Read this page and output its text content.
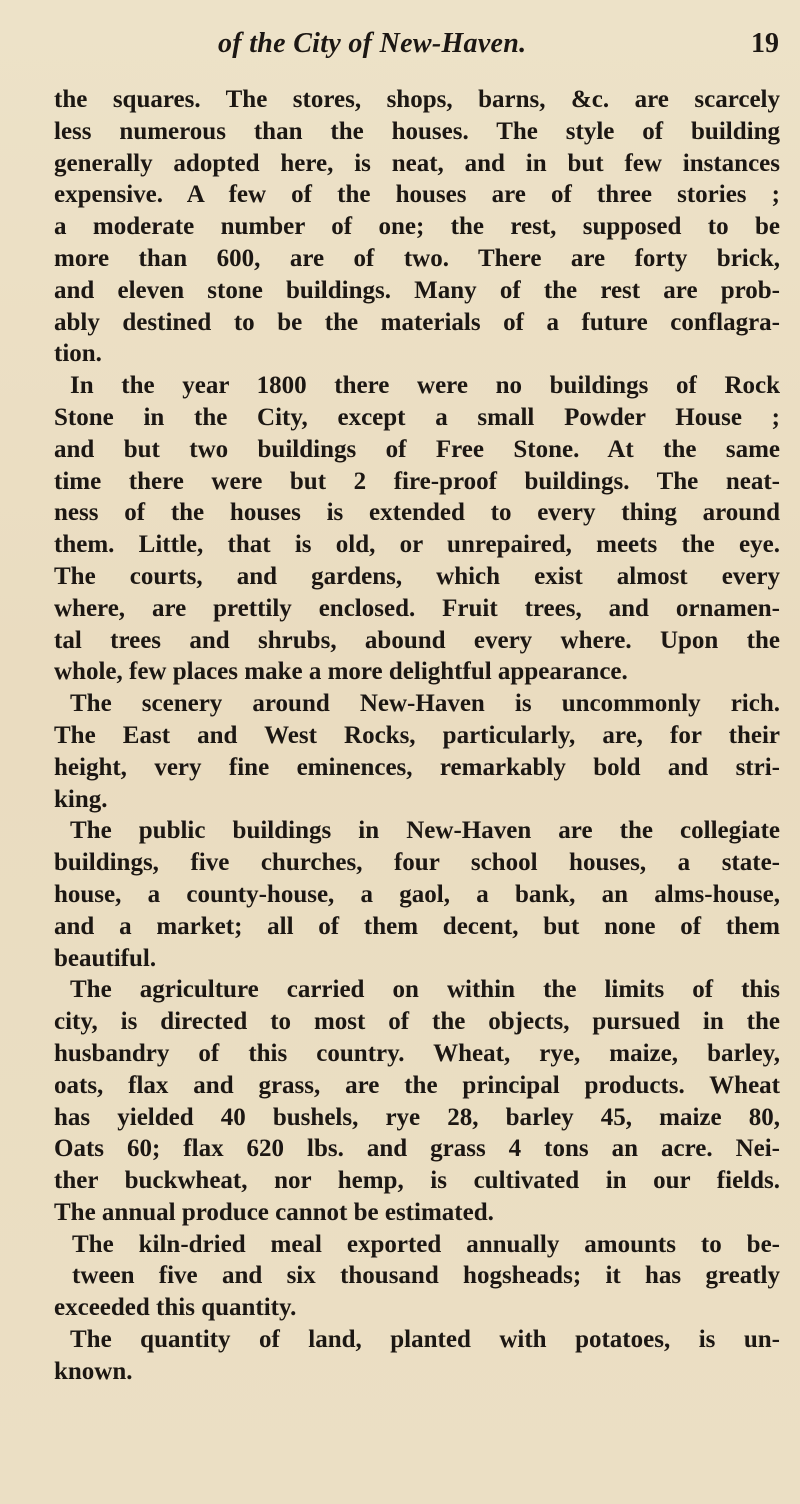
of the City of New-Haven.	19
the squares. The stores, shops, barns, &c. are scarcely
less numerous than the houses. The style of building
generally adopted here, is neat, and in but few instances
expensive. A few of the houses are of three stories ;
a moderate number of one; the rest, supposed to be
more than 600, are of two. There are forty brick,
and eleven stone buildings. Many of the rest are prob-
ably destined to be the materials of a future conflagra-
tion.
In the year 1800 there were no buildings of Rock
Stone in the City, except a small Powder House ;
and but two buildings of Free Stone. At the same
time there were but 2 fire-proof buildings. The neat-
ness of the houses is extended to every thing around
them. Little, that is old, or unrepaired, meets the eye.
The courts, and gardens, which exist almost every
where, are prettily enclosed. Fruit trees, and ornamen-
tal trees and shrubs, abound every where. Upon the
whole, few places make a more delightful appearance.
The scenery around New-Haven is uncommonly rich.
The East and West Rocks, particularly, are, for their
height, very fine eminences, remarkably bold and stri-
king.
The public buildings in New-Haven are the collegiate
buildings, five churches, four school houses, a state-
house, a county-house, a gaol, a bank, an alms-house,
and a market; all of them decent, but none of them
beautiful.
The agriculture carried on within the limits of this
city, is directed to most of the objects, pursued in the
husbandry of this country. Wheat, rye, maize, barley,
oats, flax and grass, are the principal products. Wheat
has yielded 40 bushels, rye 28, barley 45, maize 80,
Oats 60; flax 620 lbs. and grass 4 tons an acre. Nei-
ther buckwheat, nor hemp, is cultivated in our fields.
The annual produce cannot be estimated.
The kiln-dried meal exported annually amounts to be-
tween five and six thousand hogsheads; it has greatly
exceeded this quantity.
The quantity of land, planted with potatoes, is un-
known.
